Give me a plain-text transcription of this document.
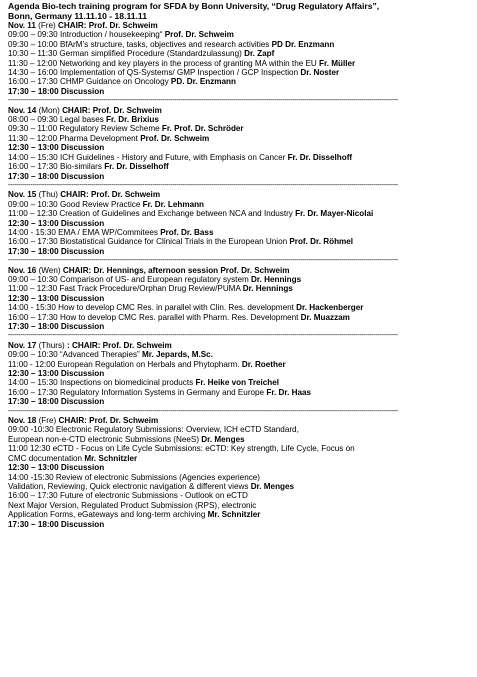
Agenda Bio-tech training program for SFDA by Bonn University, “Drug Regulatory Affairs”,
Bonn, Germany 11.11.10 - 18.11.11
Nov. 11 (Fre) CHAIR: Prof. Dr. Schweim
09:00 – 09:30 Introduction / housekeeping“ Prof. Dr. Schweim
09:30 – 10:00 BfArM’s structure, tasks, objectives and research activities PD Dr. Enzmann
10:30 – 11:30 German simplified Procedure (Standardzulassung) Dr. Zapf
11:30 – 12:00 Networking and key players in the process of granting MA within the EU Fr. Müller
14:30 – 16:00 Implementation of QS-Systems/ GMP Inspection / GCP Inspection Dr. Noster
16:00 – 17:30 CHMP Guidance on Oncology PD. Dr. Enzmann
17:30 – 18:00 Discussion
------------------------------------------------------------------------------------------------------------------------------------------------------------------------------------------------
Nov. 14 (Mon) CHAIR: Prof. Dr. Schweim
08:00 – 09:30 Legal bases Fr. Dr. Brixius
09:30 – 11:00 Regulatory Review Scheme Fr. Prof. Dr. Schröder
11:30 – 12:00 Pharma Development Prof. Dr. Schweim
12:30 – 13:00 Discussion
14:00 – 15:30 ICH Guidelines - History and Future, with Emphasis on Cancer Fr. Dr. Disselhoff
16:00 – 17:30 Bio-similars Fr. Dr. Disselhoff
17:30 – 18:00 Discussion
------------------------------------------------------------------------------------------------------------------------------------------------------------------------------------------------
Nov. 15 (Thu) CHAIR: Prof. Dr. Schweim
09:00 – 10:30 Good Review Practice Fr. Dr. Lehmann
11:00 – 12:30 Creation of Guidelines and Exchange between NCA and Industry Fr. Dr. Mayer-Nicolai
12:30 – 13:00 Discussion
14:00 - 15:30 EMA / EMA WP/Commitees Prof. Dr. Bass
16:00 – 17:30 Biostatistical Guidance for Clinical Trials in the European Union Prof. Dr. Röhmel
17:30 – 18:00 Discussion
------------------------------------------------------------------------------------------------------------------------------------------------------------------------------------------------
Nov. 16 (Wen) CHAIR: Dr. Hennings, afternoon session Prof. Dr. Schweim
09:00 – 10:30 Comparison of US- and European regulatory system Dr. Hennings
11:00 – 12:30 Fast Track Procedure/Orphan Drug Review/PUMA Dr. Hennings
12:30 – 13:00 Discussion
14:00 - 15:30 How to develop CMC Res. in parallel with Clin. Res. development Dr. Hackenberger
16:00 – 17:30 How to develop CMC Res. parallel with Pharm. Res. Development Dr. Muazzam
17:30 – 18:00 Discussion
------------------------------------------------------------------------------------------------------------------------------------------------------------------------------------------------
Nov. 17 (Thurs) : CHAIR: Prof. Dr. Schweim
09:00 – 10:30 “Advanced Therapies” Mr. Jepards, M.Sc.
11:00 - 12:00 European Regulation on Herbals and Phytopharm. Dr. Roether
12:30 – 13:00 Discussion
14:00 – 15:30 Inspections on biomedicinal products Fr. Heike von Treichel
16:00 – 17:30 Regulatory Information Systems in Germany and Europe Fr. Dr. Haas
17:30 – 18:00 Discussion
------------------------------------------------------------------------------------------------------------------------------------------------------------------------------------------------
Nov. 18 (Fre) CHAIR: Prof. Dr. Schweim
09:00 -10:30 Electronic Regulatory Submissions: Overview, ICH eCTD Standard,
European non-e-CTD electronic Submissions (NeeS) Dr. Menges
11:00 12:30 eCTD - Focus on Life Cycle Submissions: eCTD: Key strength, Life Cycle, Focus on
CMC documentation Mr. Schnitzler
12:30 – 13:00 Discussion
14:00 -15:30 Review of electronic Submissions (Agencies experience)
Validation, Reviewing, Quick electronic navigation & different views Dr. Menges
16:00 – 17:30 Future of electronic Submissions - Outlook on eCTD
Next Major Version, Regulated Product Submission (RPS), electronic
Application Forms, eGateways and long-term archiving Mr. Schnitzler
17:30 – 18:00 Discussion
